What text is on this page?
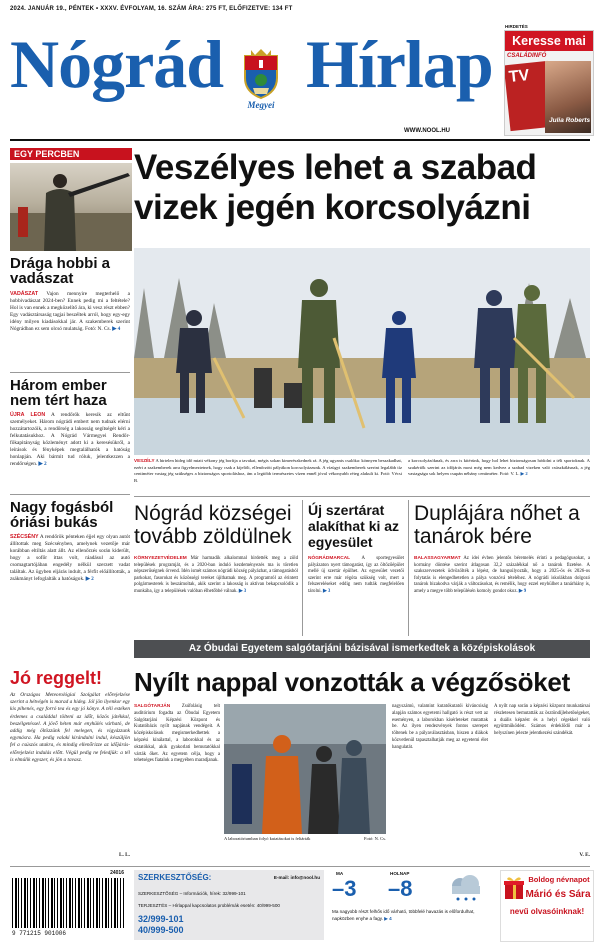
2024. JANUÁR 19., PÉNTEK • XXXV. ÉVFOLYAM, 16. SZÁM ÁRA: 275 FT, ELŐFIZETVE: 134 FT
Nógrád
Megyei
Hírlap
WWW.NOOL.HU
HIRDETÉS
Keresse mai
CSALÁDINFÓ
TV
Julia Roberts
EGY PERCBEN
Drága hobbi a vadászat
VADÁSZAT Vajon mennyire megterhelő a hobbivadászat 2024-ben? Ennek pedig mi a feltétele? Hol is van ennek a megközelítő ára, ki vesz részt ebben? Egy vadásztársaság tagjai beszéltek arról, hogy egy-egy idény milyen kiadásokkal jár. A szakemberek szerint Nógrádban ez sem olcsó mulatság. Fotó: N. Cs. ▶ 4
Három ember nem tért haza
ÚJRA LEON A rendőrök keresik az eltűnt személyeket. Három nógrádi embert nem tudnak elérni hozzátartozóik, a rendőrség a lakosság segítségét kéri a felkutatásukhoz. A Nógrád Vármegyei Rendőr-főkapitányság közleményt adott ki a keresésükről, a leírások és fényképek megtalálhatók a hatóság honlapján. Aki bármit tud róluk, jelentkezzen a rendőrségen. ▶ 2
Nagy fogásból óriási bukás
SZÉCSÉNY A rendőrök pénteken éjjel egy olyan autót állítottak meg Szécsényben, amelynek vezetője már korábban eltiltás alatt állt. Az ellenőrzés során kiderült, hogy a sofőr ittas volt, ráadásul az autó csomagtartójában engedély nélkül szerzett vadat találtak. Az ügyben eljárás indult, a férfit előállították, a zsákmányt lefoglalták a hatóságok. ▶ 2
Veszélyes lehet a szabad
vizek jegén korcsolyázni
VESZÉLY A hirtelen hideg idő miatt vékony jég borítja a tavakat, mégis sokan kimerészkednek rá. A jég ugyanis csalóka: könnyen beszakadhat, ezért a szakemberek arra figyelmeztetnek, hogy csak a kijelölt, ellenőrzött pályákon korcsolyázzunk. A vízügyi szakemberek szerint legalább tíz centiméter vastag jég szükséges a biztonságos sportoláshoz, ám a legtöbb természetes vízen ennél jóval vékonyabb réteg alakult ki. Fotó: Vécsi B.
a korcsolyázóknak, és arra is kitérünk, hogy hol lehet biztonságosan hódolni a téli sportoknak. A szakértők szerint az időjárás most még nem kedvez a szabad vizeken való csúszkálásnak, a jég vastagsága sok helyen csupán néhány centiméter. Fotó: V. L. ▶ 2
Nógrád községei tovább zöldülnek
KÖRNYEZETVÉDELEM Már harmadik alkalommal hirdették meg a zöld települések programját, és a 2020-ban induló kezdeményezés ma is töretlen népszerűségnek örvend. Idén ismét számos nógrádi község pályázhat, a támogatásból parkokat, fasorokat és közösségi tereket újíthatnak meg. A programról az érintett polgármesterek is beszámoltak, akik szerint a lakosság is aktívan bekapcsolódik a munkába, így a települések valóban élhetőbbé válnak. ▶ 3
Új szertárat alakíthat ki az egyesület
NÓGRÁDMARCAL A sportegyesület pályázaton nyert támogatást, így az öltözőépület mellé új szertár épülhet. Az egyesület vezetői szerint erre már régóta szükség volt, mert a felszereléseket eddig nem tudták megfelelően tárolni. ▶ 3
Duplájára nőhet a tanárok bére
BALASSAGYARMAT Az idei évben jelentős béremelés érinti a pedagógusokat, a kormány döntése szerint átlagosan 32,2 százalékkal nő a tanárok fizetése. A szakszervezetek üdvözölték a lépést, de hangsúlyozták, hogy a 2025-ös és 2026-os folytatás is elengedhetetlen a pálya vonzóvá tételéhez. A nógrádi iskolákban dolgozó tanárok bizakodva várják a változásokat, és remélik, hogy ezzel enyhülhet a tanárhiány is, amely a megye több településén komoly gondot okoz. ▶ 9
Az Óbudai Egyetem salgótarjáni bázisával ismerkedtek a középiskolások
Jó reggelt!
Az Országos Meteorológiai Szolgálat előrejelzése szerint a hétvégén is marad a hideg. Jól jön ilyenkor egy kis pihenés, egy forró tea és egy jó könyv. A téli estéken érdemes a családdal tölteni az időt, közös játékkal, beszélgetéssel. A jövő héten már enyhülés várható, de addig még öltözzünk fel melegen, és vigyázzunk egymásra. Ha pedig valaki kirándulni indul, készüljön fel a csúszós utakra, és mindig ellenőrizze az időjárás-előrejelzést indulás előtt. Végül pedig ne feledjük: a tél is elmúlik egyszer, és jön a tavasz.
L. L.
Nyílt nappal vonzották a végzősöket
SALGÓTARJÁN Zsúfolásig telt auditórium fogadta az Óbudai Egyetem Salgótarjáni Képzési Központ és Kutatóbázis nyílt napjának vendégeit. A középiskolások megismerkedhettek a képzési kínálattal, a laborokkal és az oktatókkal, akik gyakorlati bemutatókkal várták őket. Az egyetem célja, hogy a tehetséges fiatalok a megyében maradjanak.
A laboratóriumban folyó kutatásokat is feltárták	Fotó: N. Cs.
nagyszámú, valamint kutatókutatói kíváncsiság alapján számos egyetemi hallgató is részt vett az eseményen, a laborokban kísérleteket mutattak be. Az ilyen rendezvények fontos szerepet töltenek be a pályaválasztásban, hiszen a diákok közvetlenül tapasztalhatják meg az egyetemi élet hangulatát.
A nyílt nap során a képzési központ munkatársai részletesen bemutatták az ösztöndíjlehetőségeket, a duális képzést és a helyi cégekkel való együttműködést. Számos érdeklődő már a helyszínen jelezte jelentkezési szándékát.
V. E.
24016
9 771215 901006
SZERKESZTŐSÉG:	E-mail: info@nool.hu
SZERKESZTŐSÉG – Információk, hírek: 32/999-101
TERJESZTÉS – Hírlappal kapcsolatos problémák esetén: 40/999-500
32/999-101
40/999-500
MA
–3
HOLNAP
–8
Ma nagyobb részt felhős idő várható, többfelé havazás is előfordulhat, napközben enyhe a fagy. ▶ 4
Boldog névnapot
Márió és Sára
nevű olvasóinknak!
